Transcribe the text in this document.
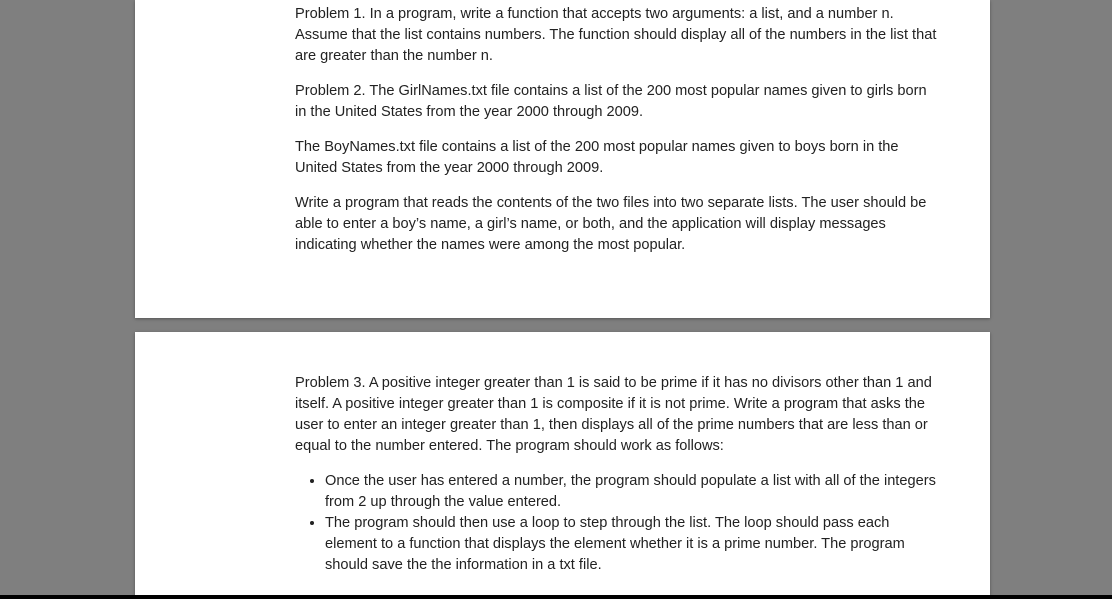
Problem 1. In a program, write a function that accepts two arguments: a list, and a number n. Assume that the list contains numbers. The function should display all of the numbers in the list that are greater than the number n.

Problem 2. The GirlNames.txt file contains a list of the 200 most popular names given to girls born in the United States from the year 2000 through 2009.

The BoyNames.txt file contains a list of the 200 most popular names given to boys born in the United States from the year 2000 through 2009.

Write a program that reads the contents of the two files into two separate lists. The user should be able to enter a boy’s name, a girl’s name, or both, and the application will display messages indicating whether the names were among the most popular.

Problem 3. A positive integer greater than 1 is said to be prime if it has no divisors other than 1 and itself. A positive integer greater than 1 is composite if it is not prime. Write a program that asks the user to enter an integer greater than 1, then displays all of the prime numbers that are less than or equal to the number entered. The program should work as follows:

• Once the user has entered a number, the program should populate a list with all of the integers from 2 up through the value entered.
• The program should then use a loop to step through the list. The loop should pass each element to a function that displays the element whether it is a prime number. The program should save the the information in a txt file.
